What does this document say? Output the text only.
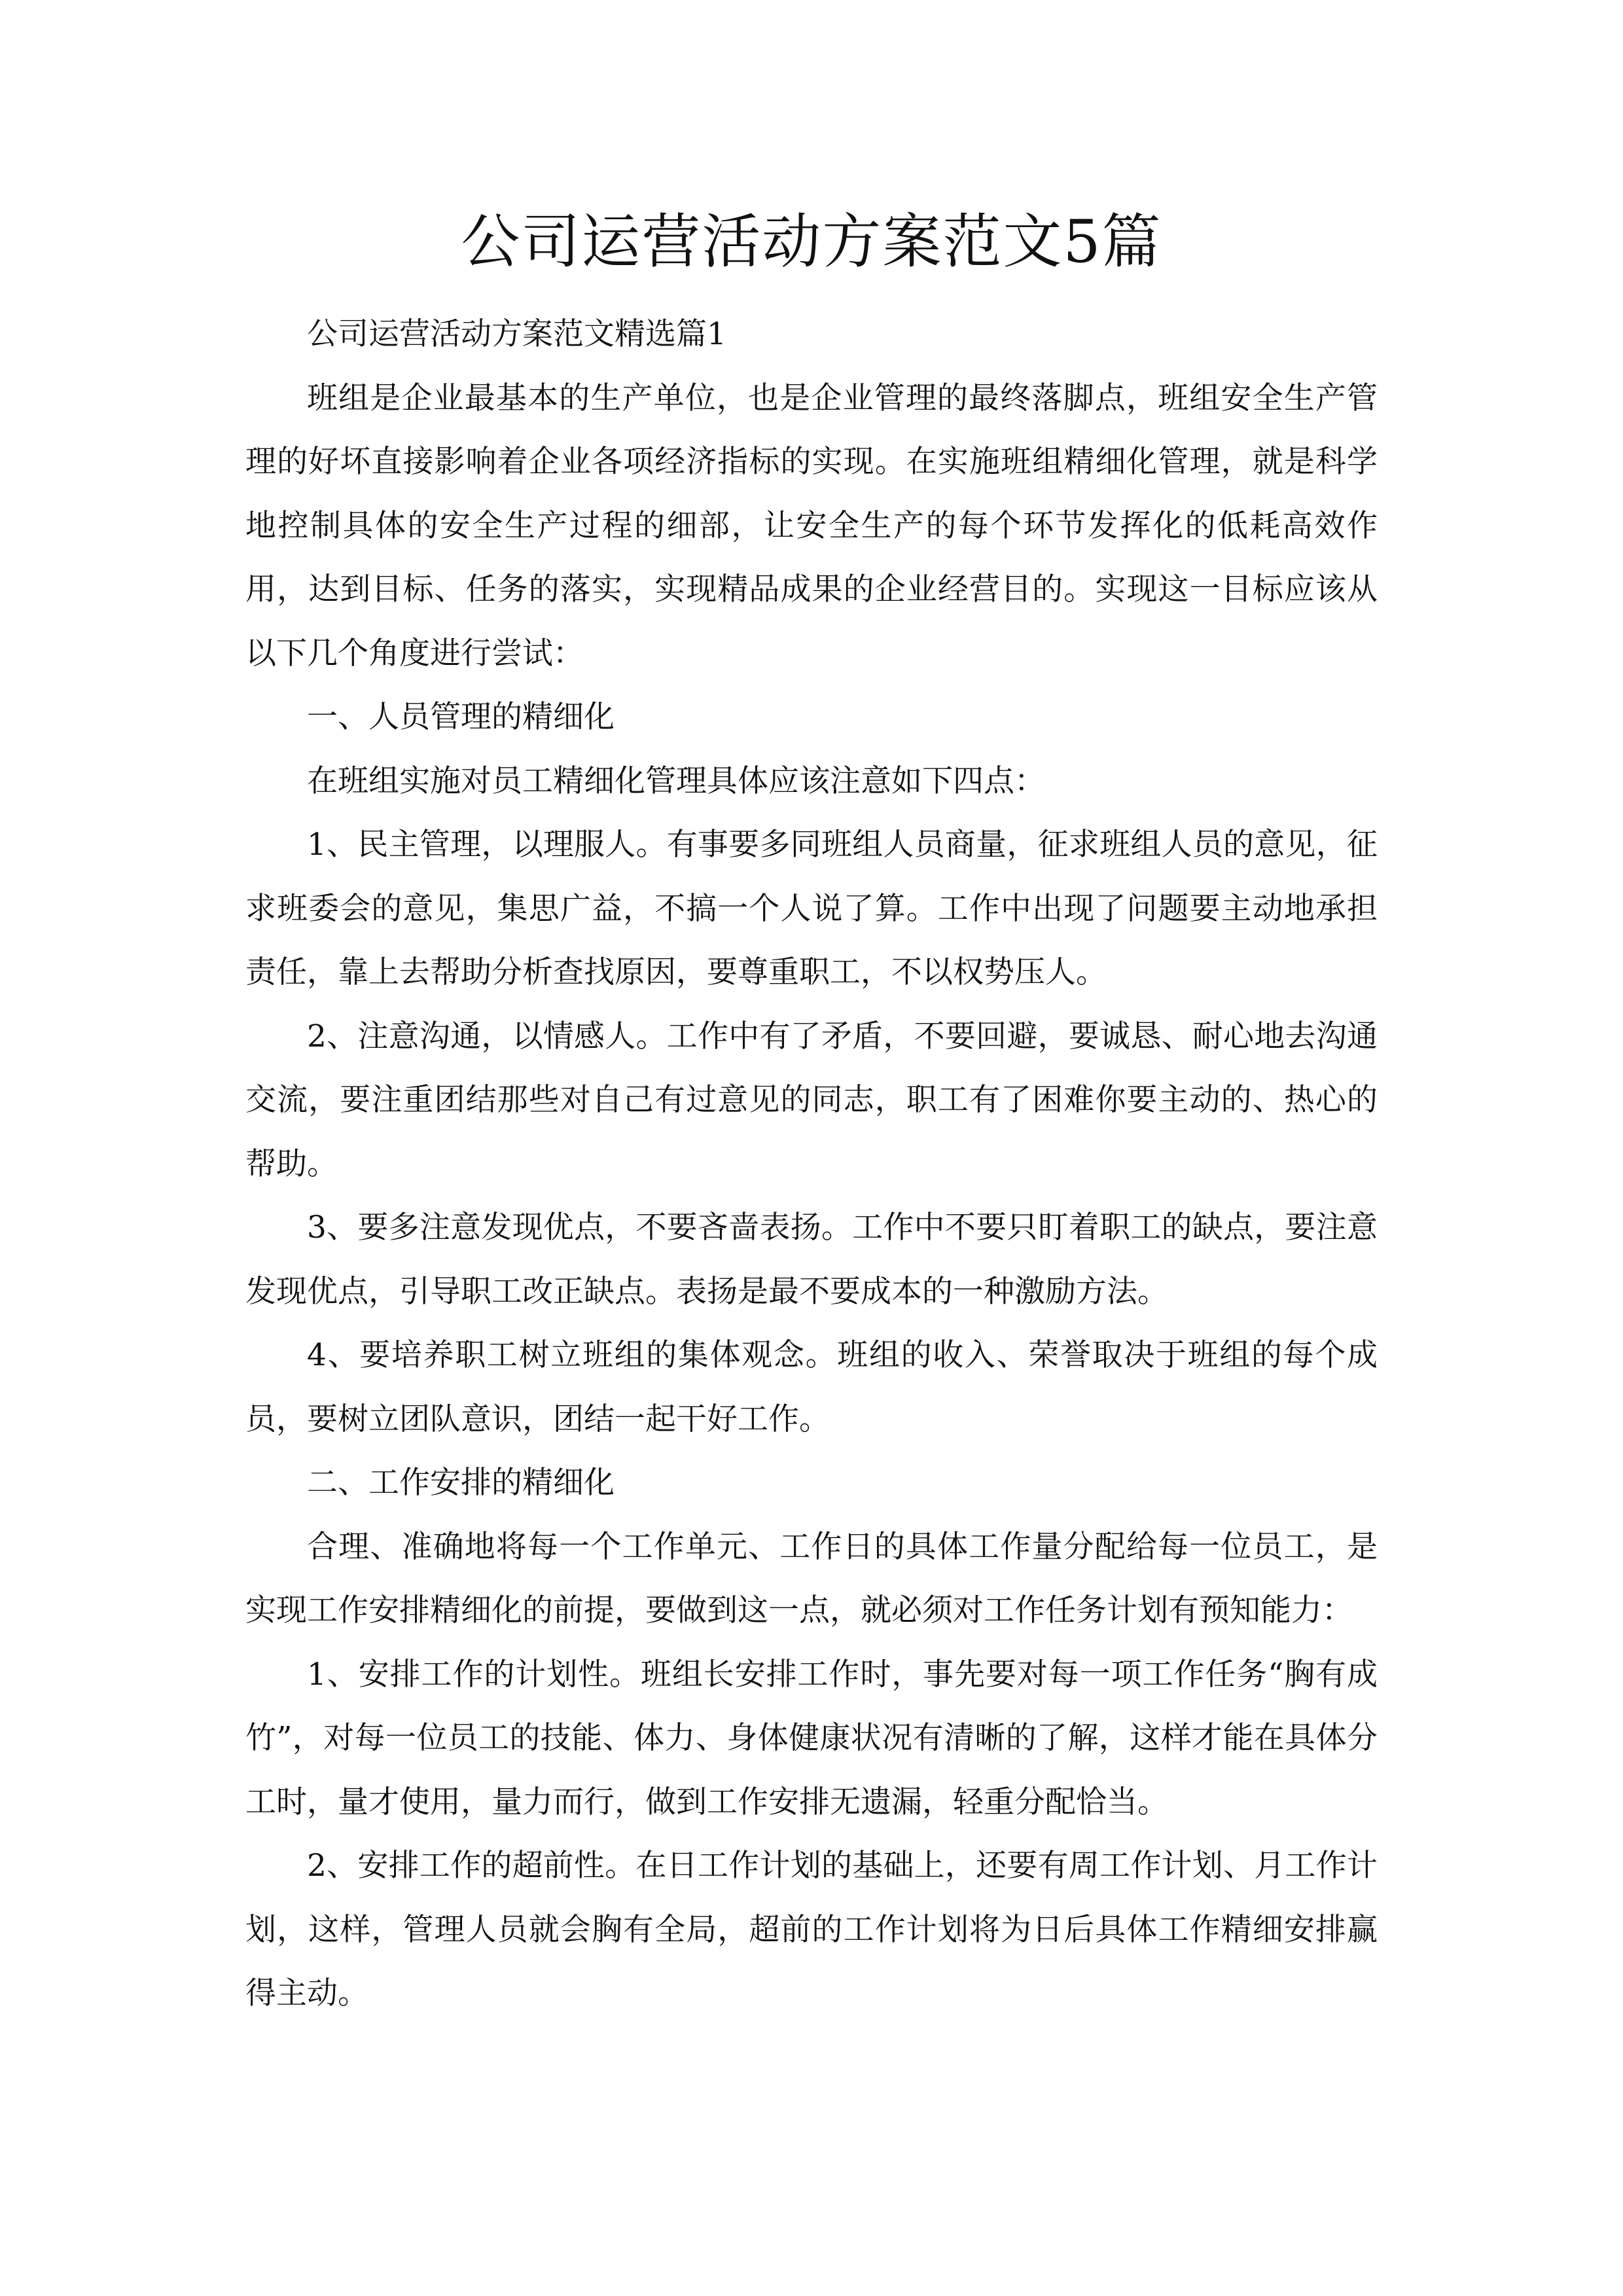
公司运营活动方案范文5篇

公司运营活动方案范文精选篇1

班组是企业最基本的生产单位，也是企业管理的最终落脚点，班组安全生产管理的好坏直接影响着企业各项经济指标的实现。在实施班组精细化管理，就是科学地控制具体的安全生产过程的细部，让安全生产的每个环节发挥化的低耗高效作用，达到目标、任务的落实，实现精品成果的企业经营目的。实现这一目标应该从以下几个角度进行尝试：

一、人员管理的精细化

在班组实施对员工精细化管理具体应该注意如下四点：

1、民主管理，以理服人。有事要多同班组人员商量，征求班组人员的意见，征求班委会的意见，集思广益，不搞一个人说了算。工作中出现了问题要主动地承担责任，靠上去帮助分析查找原因，要尊重职工，不以权势压人。

2、注意沟通，以情感人。工作中有了矛盾，不要回避，要诚恳、耐心地去沟通交流，要注重团结那些对自己有过意见的同志，职工有了困难你要主动的、热心的帮助。

3、要多注意发现优点，不要吝啬表扬。工作中不要只盯着职工的缺点，要注意发现优点，引导职工改正缺点。表扬是最不要成本的一种激励方法。

4、要培养职工树立班组的集体观念。班组的收入、荣誉取决于班组的每个成员，要树立团队意识，团结一起干好工作。

二、工作安排的精细化

合理、准确地将每一个工作单元、工作日的具体工作量分配给每一位员工，是实现工作安排精细化的前提，要做到这一点，就必须对工作任务计划有预知能力：

1、安排工作的计划性。班组长安排工作时，事先要对每一项工作任务“胸有成竹”，对每一位员工的技能、体力、身体健康状况有清晰的了解，这样才能在具体分工时，量才使用，量力而行，做到工作安排无遗漏，轻重分配恰当。

2、安排工作的超前性。在日工作计划的基础上，还要有周工作计划、月工作计划，这样，管理人员就会胸有全局，超前的工作计划将为日后具体工作精细安排赢得主动。
